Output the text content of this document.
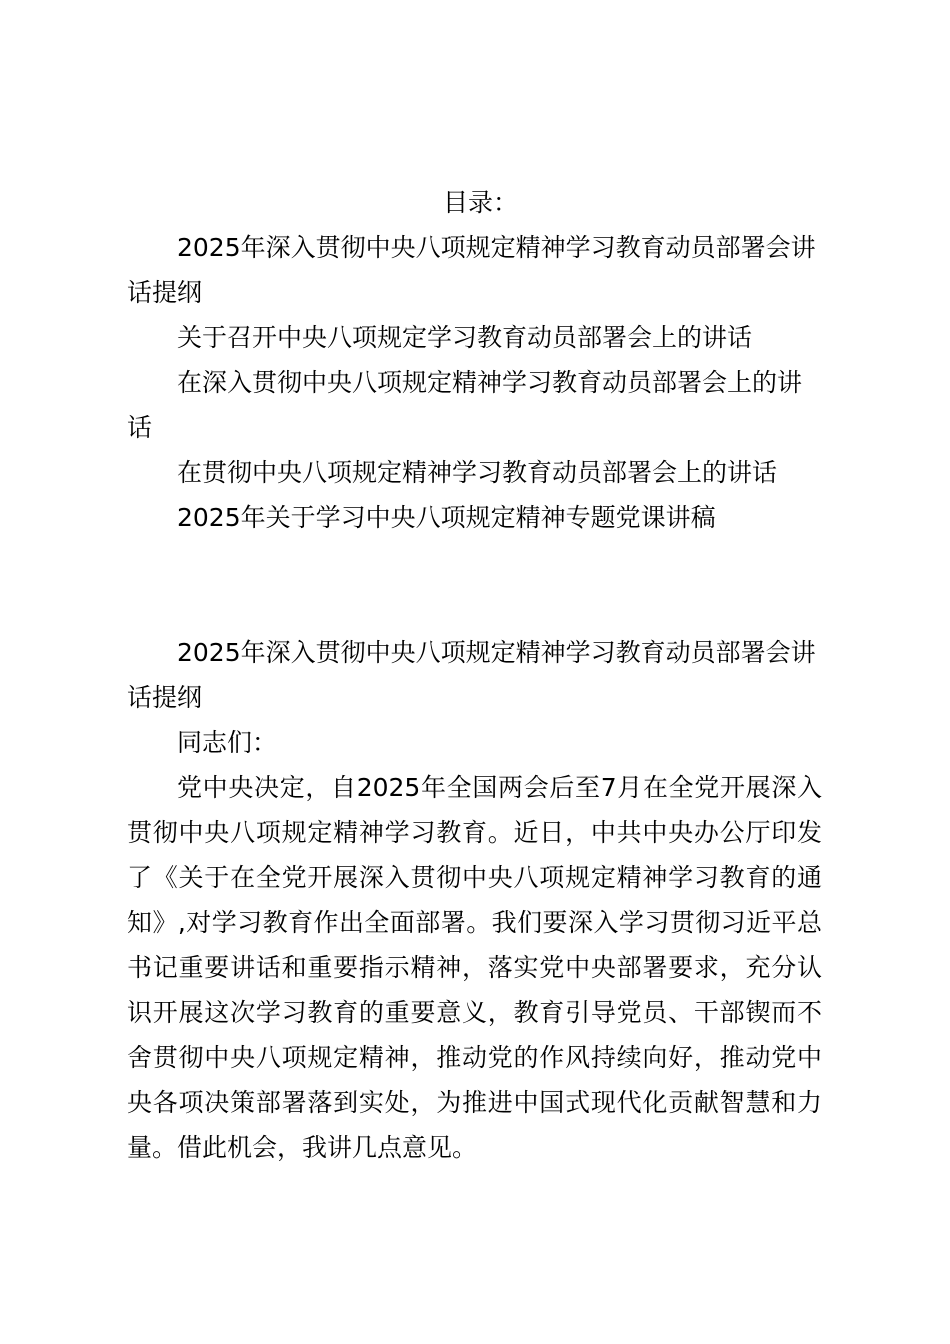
目录：
2025年深入贯彻中央八项规定精神学习教育动员部署会讲话提纲
关于召开中央八项规定学习教育动员部署会上的讲话
在深入贯彻中央八项规定精神学习教育动员部署会上的讲话
在贯彻中央八项规定精神学习教育动员部署会上的讲话
2025年关于学习中央八项规定精神专题党课讲稿
2025年深入贯彻中央八项规定精神学习教育动员部署会讲话提纲

同志们：

党中央决定，自2025年全国两会后至7月在全党开展深入贯彻中央八项规定精神学习教育。近日，中共中央办公厅印发了《关于在全党开展深入贯彻中央八项规定精神学习教育的通知》,对学习教育作出全面部署。我们要深入学习贯彻习近平总书记重要讲话和重要指示精神，落实党中央部署要求，充分认识开展这次学习教育的重要意义，教育引导党员、干部锲而不舍贯彻中央八项规定精神，推动党的作风持续向好，推动党中央各项决策部署落到实处，为推进中国式现代化贡献智慧和力量。借此机会，我讲几点意见。
